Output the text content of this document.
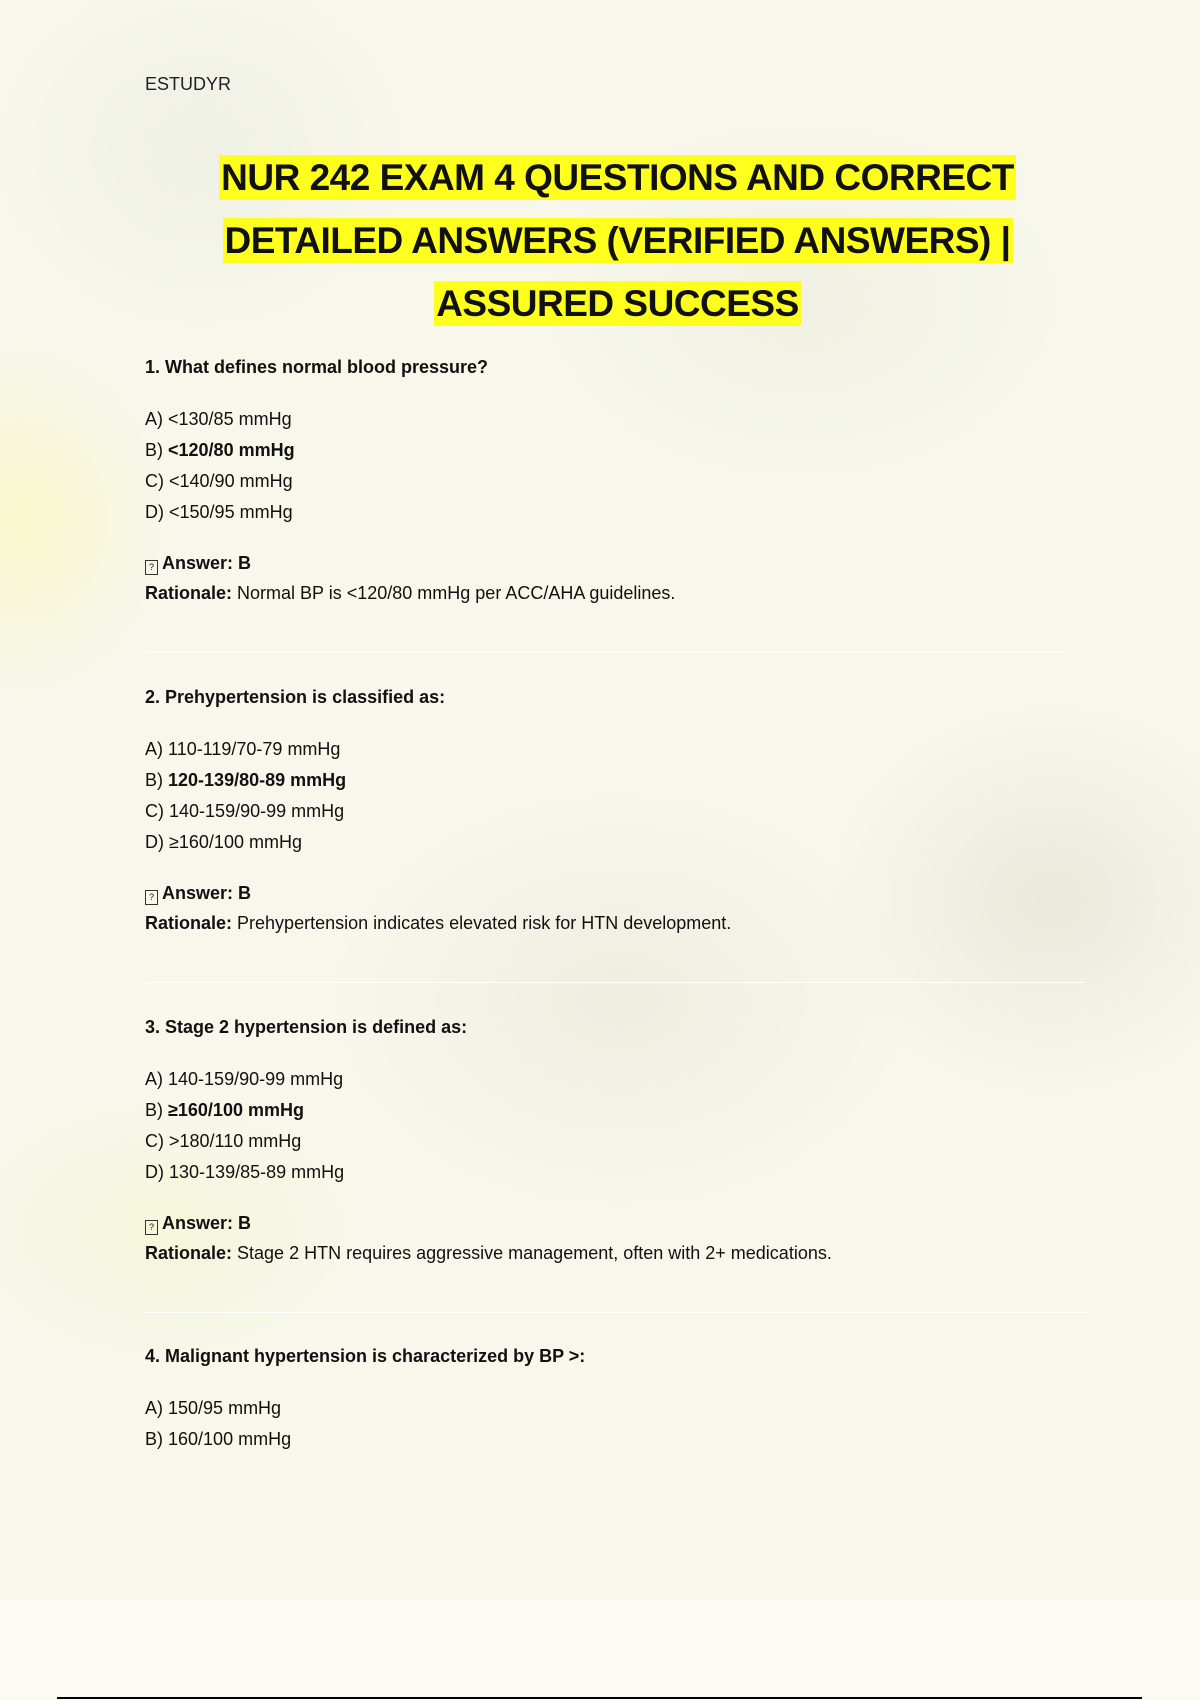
ESTUDYR
NUR 242 EXAM 4 QUESTIONS AND CORRECT
DETAILED ANSWERS (VERIFIED ANSWERS) |
ASSURED SUCCESS
1. What defines normal blood pressure?
A) <130/85 mmHg
B) <120/80 mmHg
C) <140/90 mmHg
D) <150/95 mmHg
? Answer: B
Rationale: Normal BP is <120/80 mmHg per ACC/AHA guidelines.
2. Prehypertension is classified as:
A) 110-119/70-79 mmHg
B) 120-139/80-89 mmHg
C) 140-159/90-99 mmHg
D) ≥160/100 mmHg
? Answer: B
Rationale: Prehypertension indicates elevated risk for HTN development.
3. Stage 2 hypertension is defined as:
A) 140-159/90-99 mmHg
B) ≥160/100 mmHg
C) >180/110 mmHg
D) 130-139/85-89 mmHg
? Answer: B
Rationale: Stage 2 HTN requires aggressive management, often with 2+ medications.
4. Malignant hypertension is characterized by BP >:
A) 150/95 mmHg
B) 160/100 mmHg
